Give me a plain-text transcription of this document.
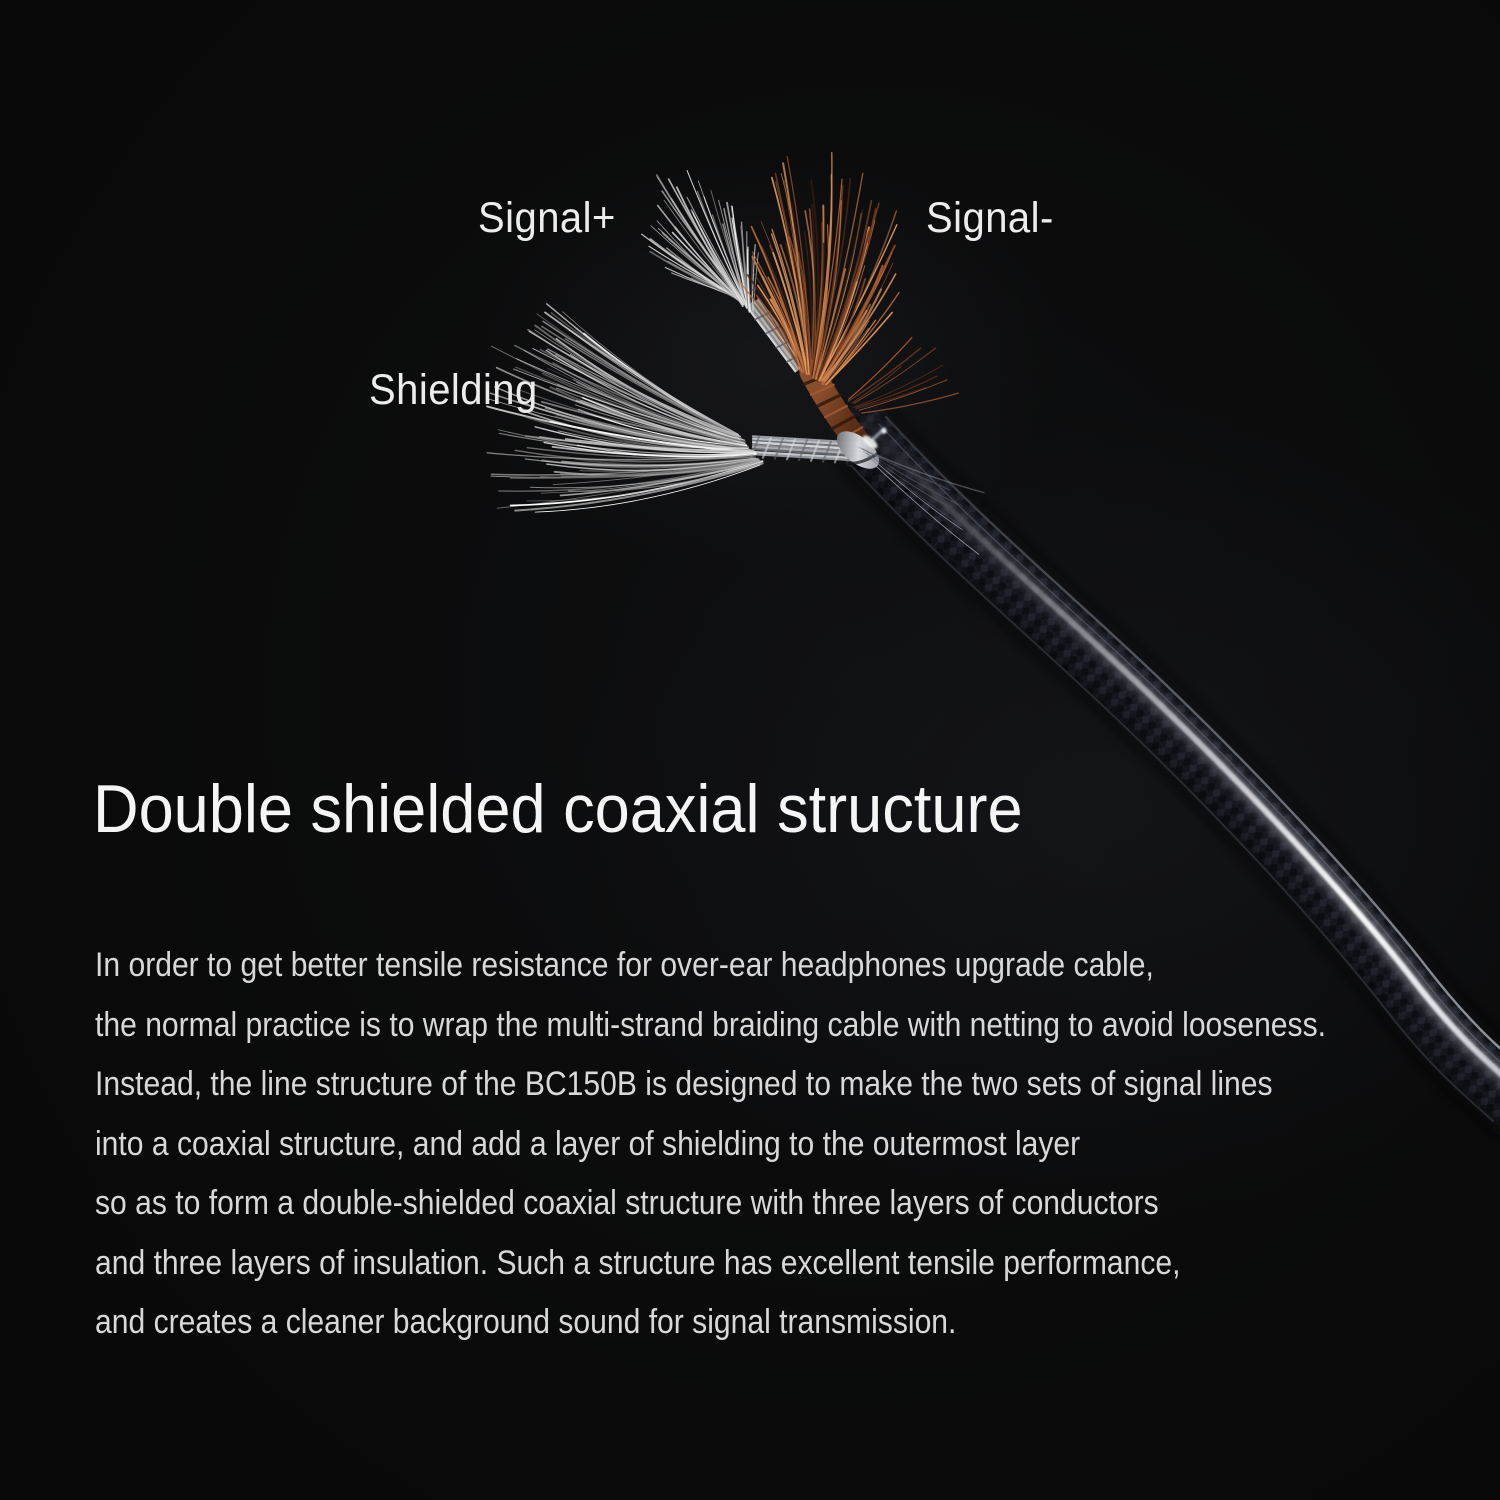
Signal+	Signal-
Shielding
Double shielded coaxial structure
In order to get better tensile resistance for over-ear headphones upgrade cable,
the normal practice is to wrap the multi-strand braiding cable with netting to avoid looseness.
Instead, the line structure of the BC150B is designed to make the two sets of signal lines
into a coaxial structure, and add a layer of shielding to the outermost layer
so as to form a double-shielded coaxial structure with three layers of conductors
and three layers of insulation. Such a structure has excellent tensile performance,
and creates a cleaner background sound for signal transmission.
